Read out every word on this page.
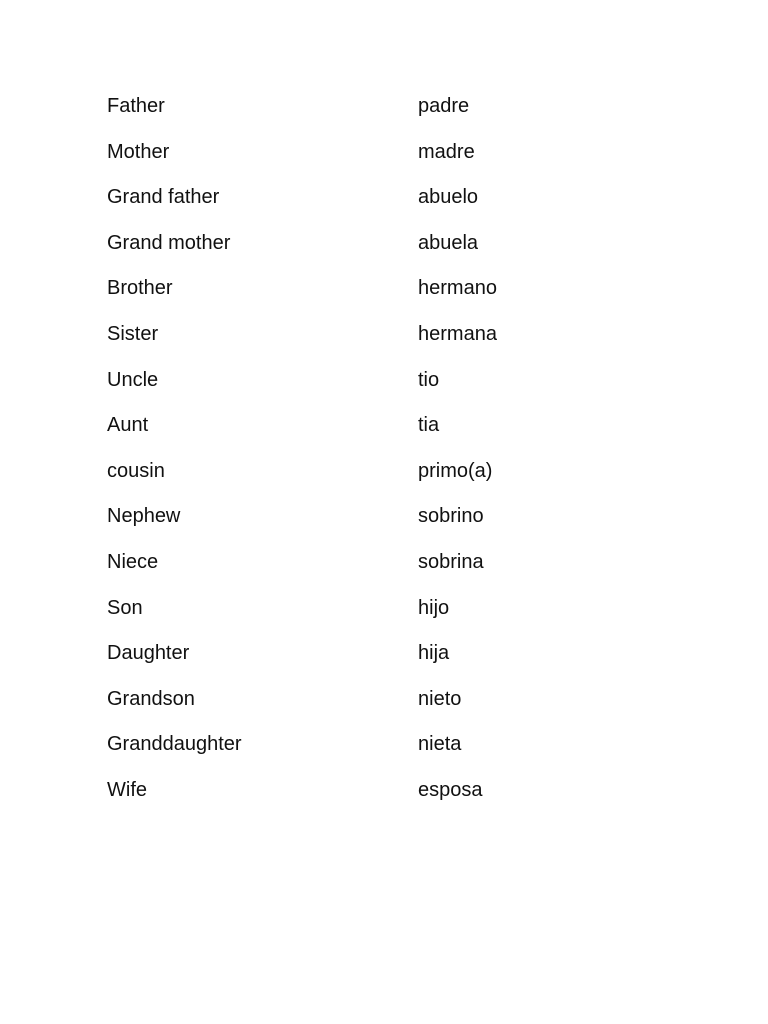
Father	padre
Mother	madre
Grand father	abuelo
Grand mother	abuela
Brother	hermano
Sister	hermana
Uncle	tio
Aunt	tia
cousin	primo(a)
Nephew	sobrino
Niece	sobrina
Son	hijo
Daughter	hija
Grandson	nieto
Granddaughter	nieta
Wife	esposa
